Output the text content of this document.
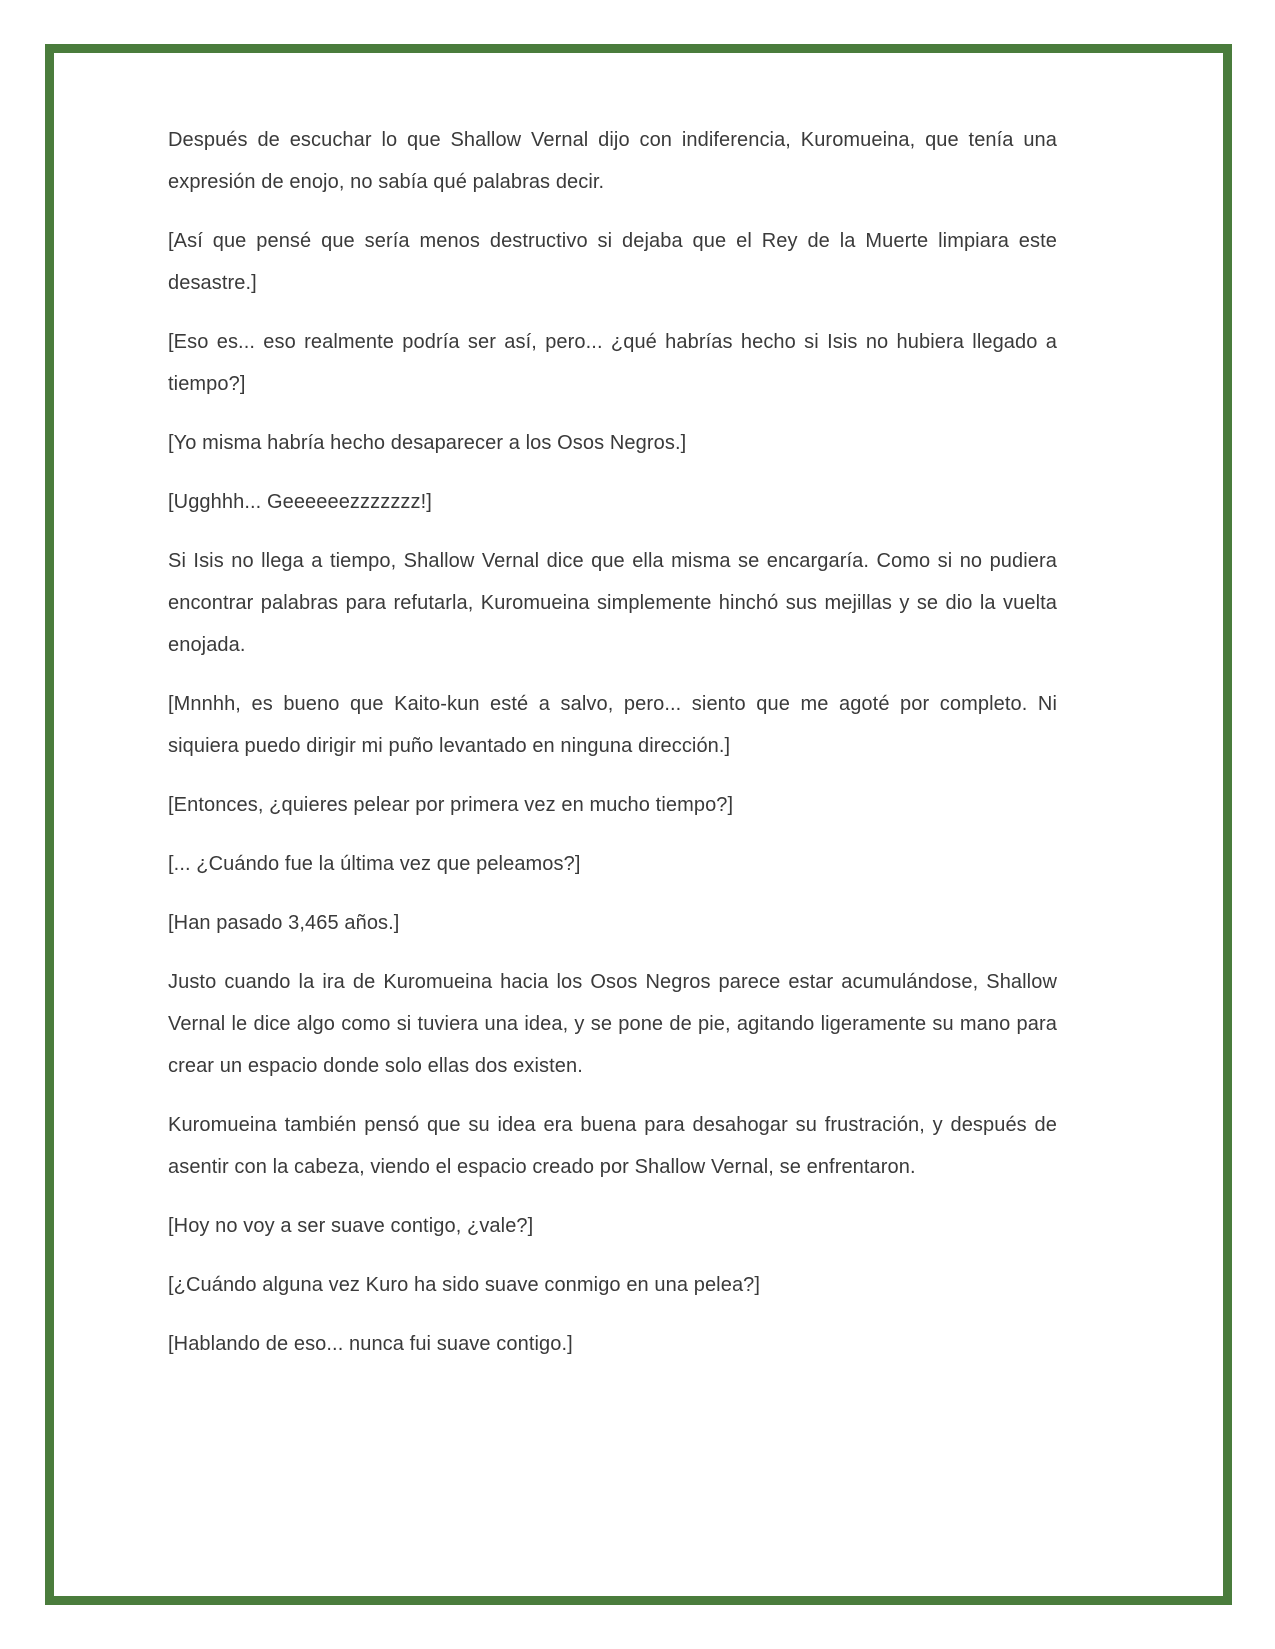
Después de escuchar lo que Shallow Vernal dijo con indiferencia, Kuromueina, que tenía una expresión de enojo, no sabía qué palabras decir.

[Así que pensé que sería menos destructivo si dejaba que el Rey de la Muerte limpiara este desastre.]

[Eso es... eso realmente podría ser así, pero... ¿qué habrías hecho si Isis no hubiera llegado a tiempo?]

[Yo misma habría hecho desaparecer a los Osos Negros.]

[Ugghhh... Geeeeeezzzzzzz!]

Si Isis no llega a tiempo, Shallow Vernal dice que ella misma se encargaría. Como si no pudiera encontrar palabras para refutarla, Kuromueina simplemente hinchó sus mejillas y se dio la vuelta enojada.

[Mnnhh, es bueno que Kaito-kun esté a salvo, pero... siento que me agoté por completo. Ni siquiera puedo dirigir mi puño levantado en ninguna dirección.]

[Entonces, ¿quieres pelear por primera vez en mucho tiempo?]

[... ¿Cuándo fue la última vez que peleamos?]

[Han pasado 3,465 años.]

Justo cuando la ira de Kuromueina hacia los Osos Negros parece estar acumulándose, Shallow Vernal le dice algo como si tuviera una idea, y se pone de pie, agitando ligeramente su mano para crear un espacio donde solo ellas dos existen.

Kuromueina también pensó que su idea era buena para desahogar su frustración, y después de asentir con la cabeza, viendo el espacio creado por Shallow Vernal, se enfrentaron.

[Hoy no voy a ser suave contigo, ¿vale?]

[¿Cuándo alguna vez Kuro ha sido suave conmigo en una pelea?]

[Hablando de eso... nunca fui suave contigo.]
